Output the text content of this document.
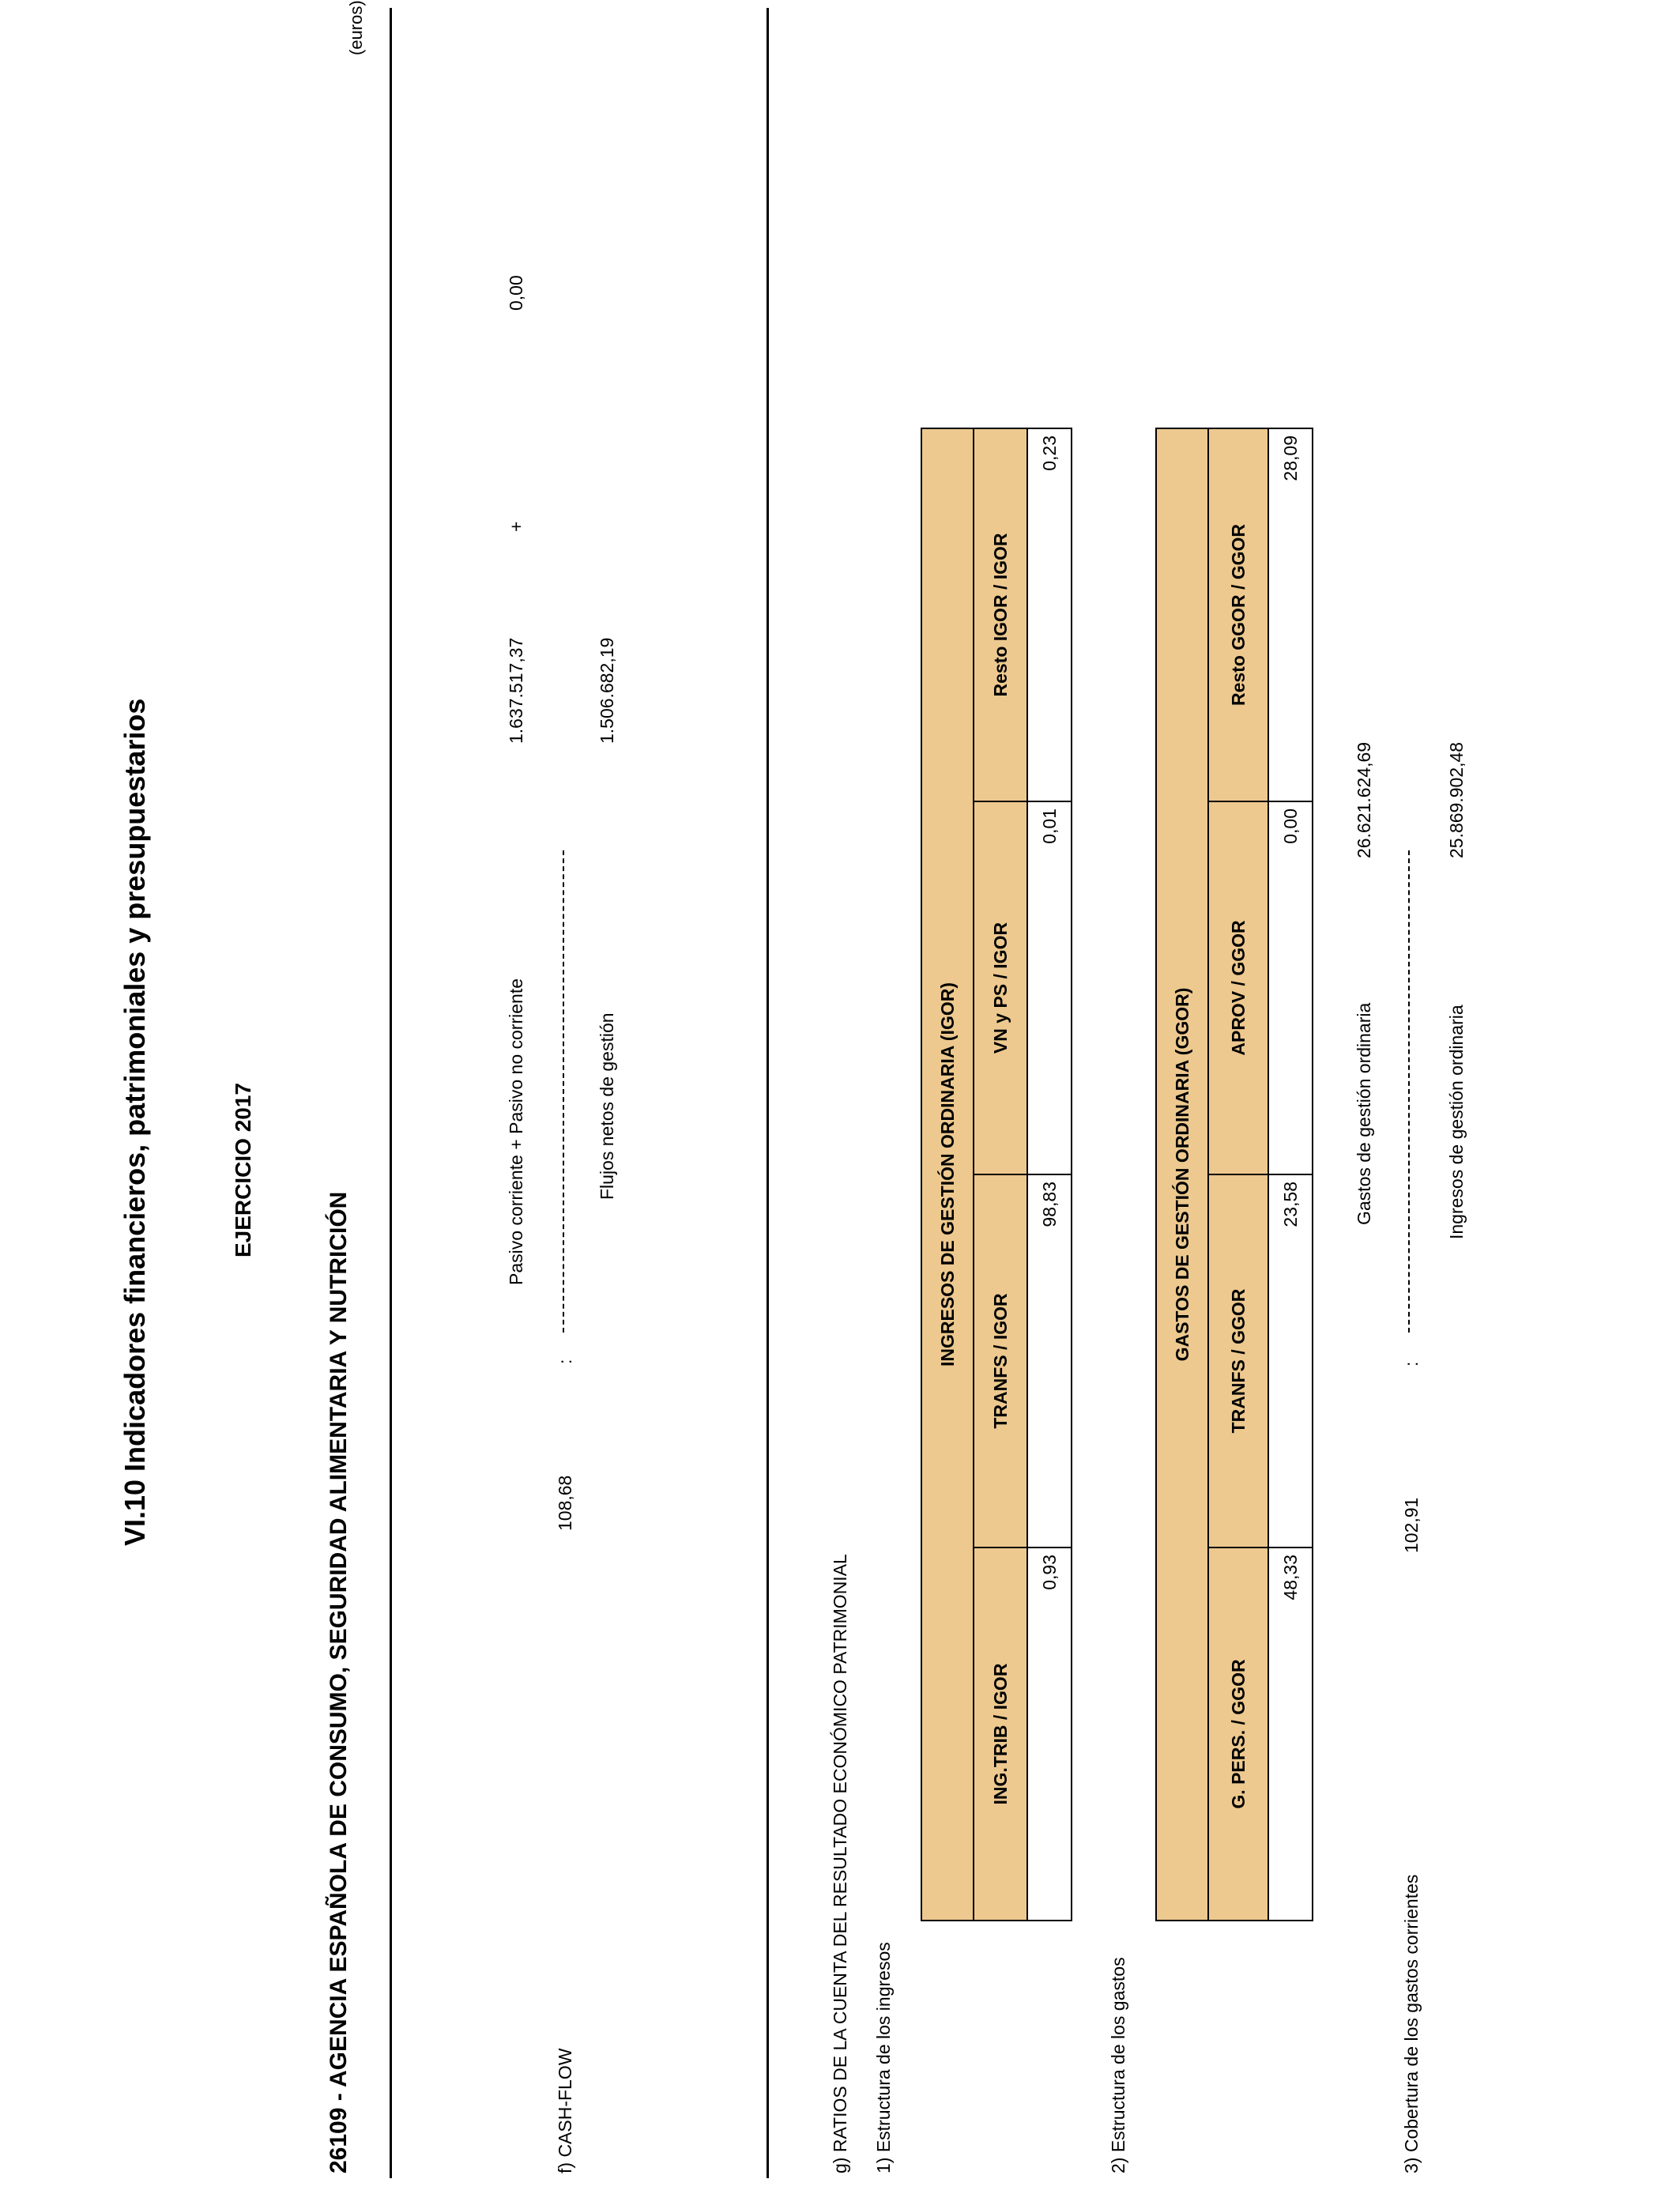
VI.10 Indicadores financieros, patrimoniales y presupuestarios	EJERCICIO 2017
26109 - AGENCIA ESPAÑOLA DE CONSUMO, SEGURIDAD ALIMENTARIA Y NUTRICIÓN
(euros)
f) CASH-FLOW
108,68
:
Pasivo corriente + Pasivo no corriente
1.637.517,37
+
0,00
Flujos netos de gestión
1.506.682,19
g) RATIOS DE LA CUENTA DEL RESULTADO ECONÓMICO PATRIMONIAL 1) Estructura de los ingresos
INGRESOS DE GESTIÓN ORDINARIA (IGOR)			
ING.TRIB / IGOR	TRANFS / IGOR	VN y PS / IGOR	Resto IGOR / IGOR
0,93	98,83	0,01	0,23
2) Estructura de los gastos
GASTOS DE GESTIÓN ORDINARIA (GGOR)			
G. PERS. / GGOR	TRANFS / GGOR	APROV / GGOR	Resto GGOR / GGOR
48,33	23,58	0,00	28,09
3) Cobertura de los gastos corrientes
102,91
:
Gastos de gestión ordinaria
26.621.624,69
Ingresos de gestión ordinaria
25.869.902,48
